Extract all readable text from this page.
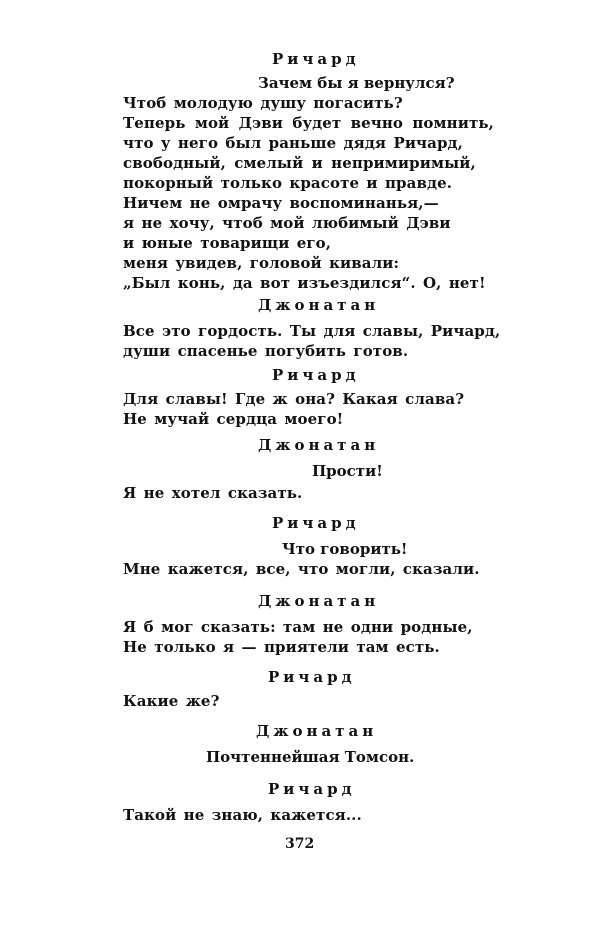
Ричард
Зачем бы я вернулся?
Чтоб молодую душу погасить?
Теперь мой Дэви будет вечно помнить,
что у него был раньше дядя Ричард,
свободный, смелый и непримиримый,
покорный только красоте и правде.
Ничем не омрачу воспоминанья,—
я не хочу, чтоб мой любимый Дэви
и юные товарищи его,
меня увидев, головой кивали:
„Был конь, да вот изъездился“. О, нет!
Джонатан
Все это гордость. Ты для славы, Ричард,
души спасенье погубить готов.
Ричард
Для славы! Где ж она? Какая слава?
Не мучай сердца моего!
Джонатан
Прости!
Я не хотел сказать.
Ричард
Что говорить!
Мне кажется, все, что могли, сказали.
Джонатан
Я б мог сказать: там не одни родные,
Не только я — приятели там есть.
Ричард
Какие же?
Джонатан
Почтеннейшая Томсон.
Ричард
Такой не знаю, кажется...
372
